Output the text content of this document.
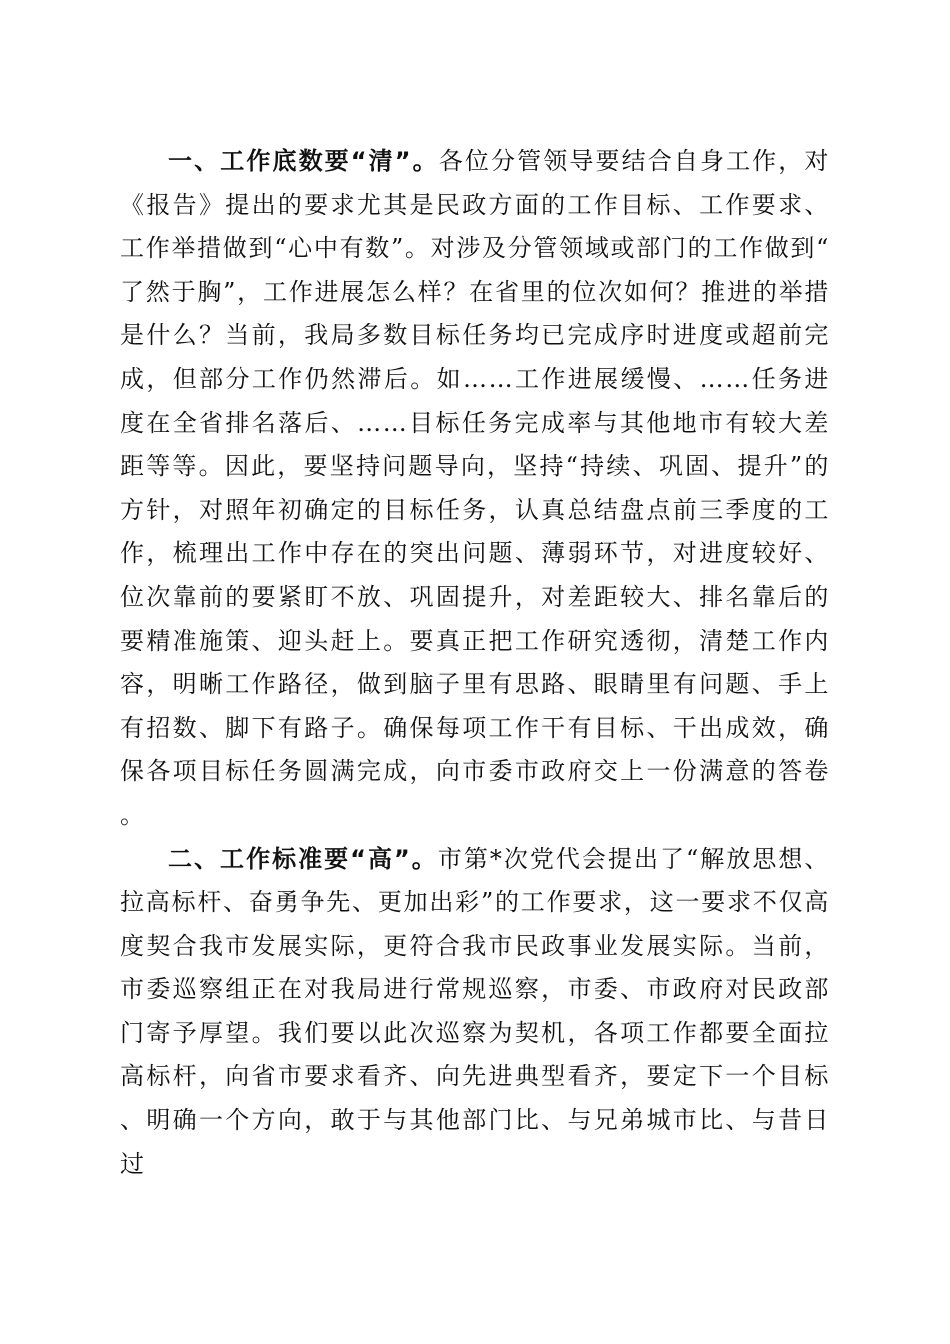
一、工作底数要“清”。各位分管领导要结合自身工作，对《报告》提出的要求尤其是民政方面的工作目标、工作要求、工作举措做到“心中有数”。对涉及分管领域或部门的工作做到“了然于胸”，工作进展怎么样？在省里的位次如何？推进的举措是什么？当前，我局多数目标任务均已完成序时进度或超前完成，但部分工作仍然滞后。如……工作进展缓慢、……任务进度在全省排名落后、……目标任务完成率与其他地市有较大差距等等。因此，要坚持问题导向，坚持“持续、巩固、提升”的方针，对照年初确定的目标任务，认真总结盘点前三季度的工作，梳理出工作中存在的突出问题、薄弱环节，对进度较好、位次靠前的要紧盯不放、巩固提升，对差距较大、排名靠后的要精准施策、迎头赶上。要真正把工作研究透彻，清楚工作内容，明晰工作路径，做到脑子里有思路、眼睛里有问题、手上有招数、脚下有路子。确保每项工作干有目标、干出成效，确保各项目标任务圆满完成，向市委市政府交上一份满意的答卷。

二、工作标准要“高”。市第*次党代会提出了“解放思想、拉高标杆、奋勇争先、更加出彩”的工作要求，这一要求不仅高度契合我市发展实际，更符合我市民政事业发展实际。当前，市委巡察组正在对我局进行常规巡察，市委、市政府对民政部门寄予厚望。我们要以此次巡察为契机，各项工作都要全面拉高标杆，向省市要求看齐、向先进典型看齐，要定下一个目标、明确一个方向，敢于与其他部门比、与兄弟城市比、与昔日过
